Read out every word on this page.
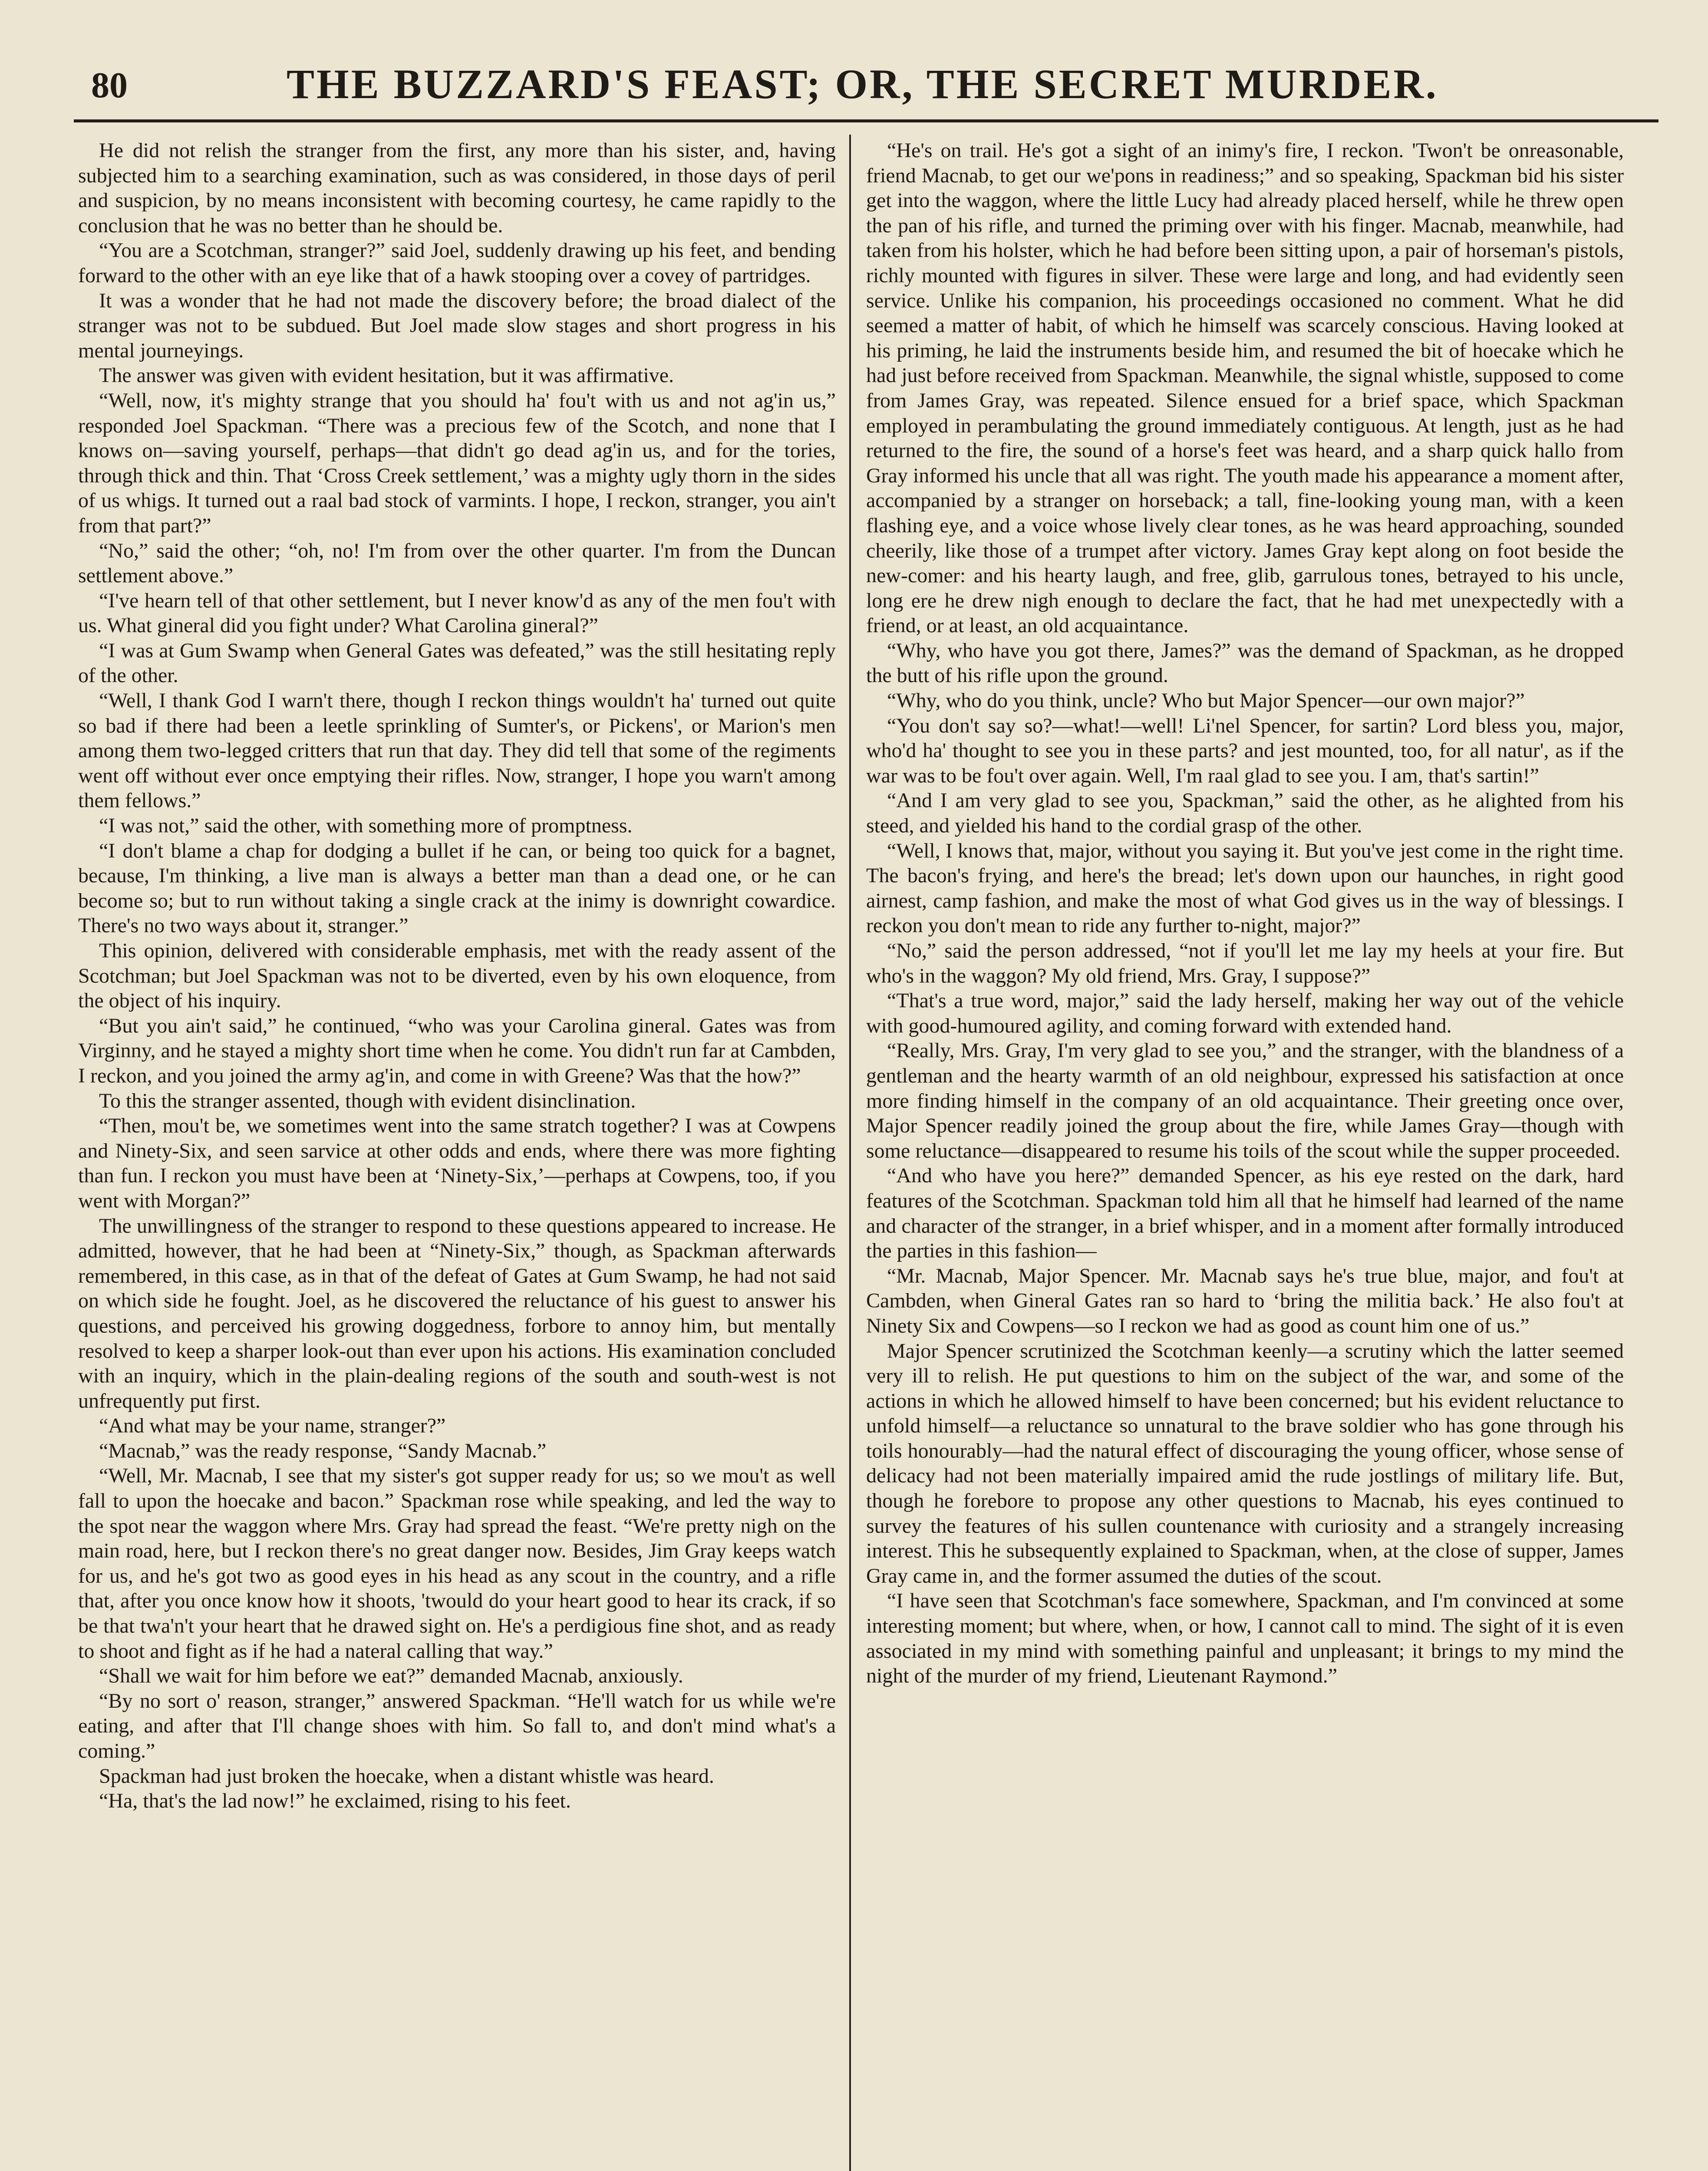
80	THE BUZZARD'S FEAST; OR, THE SECRET MURDER.

He did not relish the stranger from the first, any more than his sister, and, having subjected him to a searching examination, such as was considered, in those days of peril and suspicion, by no means inconsistent with becoming courtesy, he came rapidly to the conclusion that he was no better than he should be.

“You are a Scotchman, stranger?” said Joel, suddenly drawing up his feet, and bending forward to the other with an eye like that of a hawk stooping over a covey of partridges.

It was a wonder that he had not made the discovery before; the broad dialect of the stranger was not to be subdued. But Joel made slow stages and short progress in his mental journeyings.

The answer was given with evident hesitation, but it was affirmative.

“Well, now, it's mighty strange that you should ha' fou't with us and not ag'in us,” responded Joel Spackman. “There was a precious few of the Scotch, and none that I knows on—saving yourself, perhaps—that didn't go dead ag'in us, and for the tories, through thick and thin. That ‘Cross Creek settlement,’ was a mighty ugly thorn in the sides of us whigs. It turned out a raal bad stock of varmints. I hope, I reckon, stranger, you ain't from that part?”

“No,” said the other; “oh, no! I'm from over the other quarter. I'm from the Duncan settlement above.”

“I've hearn tell of that other settlement, but I never know'd as any of the men fou't with us. What gineral did you fight under? What Carolina gineral?”

“I was at Gum Swamp when General Gates was defeated,” was the still hesitating reply of the other.

“Well, I thank God I warn't there, though I reckon things wouldn't ha' turned out quite so bad if there had been a leetle sprinkling of Sumter's, or Pickens', or Marion's men among them two-legged critters that run that day. They did tell that some of the regiments went off without ever once emptying their rifles. Now, stranger, I hope you warn't among them fellows.”

“I was not,” said the other, with something more of promptness.

“I don't blame a chap for dodging a bullet if he can, or being too quick for a bagnet, because, I'm thinking, a live man is always a better man than a dead one, or he can become so; but to run without taking a single crack at the inimy is downright cowardice. There's no two ways about it, stranger.”

This opinion, delivered with considerable emphasis, met with the ready assent of the Scotchman; but Joel Spackman was not to be diverted, even by his own eloquence, from the object of his inquiry.

“But you ain't said,” he continued, “who was your Carolina gineral. Gates was from Virginny, and he stayed a mighty short time when he come. You didn't run far at Cambden, I reckon, and you joined the army ag'in, and come in with Greene? Was that the how?”

To this the stranger assented, though with evident disinclination.

“Then, mou't be, we sometimes went into the same stratch together? I was at Cowpens and Ninety-Six, and seen sarvice at other odds and ends, where there was more fighting than fun. I reckon you must have been at ‘Ninety-Six,’—perhaps at Cowpens, too, if you went with Morgan?”

The unwillingness of the stranger to respond to these questions appeared to increase. He admitted, however, that he had been at “Ninety-Six,” though, as Spackman afterwards remembered, in this case, as in that of the defeat of Gates at Gum Swamp, he had not said on which side he fought. Joel, as he discovered the reluctance of his guest to answer his questions, and perceived his growing doggedness, forbore to annoy him, but mentally resolved to keep a sharper look-out than ever upon his actions. His examination concluded with an inquiry, which in the plain-dealing regions of the south and south-west is not unfrequently put first.

“And what may be your name, stranger?”

“Macnab,” was the ready response, “Sandy Macnab.”

“Well, Mr. Macnab, I see that my sister's got supper ready for us; so we mou't as well fall to upon the hoecake and bacon.” Spackman rose while speaking, and led the way to the spot near the waggon where Mrs. Gray had spread the feast. “We're pretty nigh on the main road, here, but I reckon there's no great danger now. Besides, Jim Gray keeps watch for us, and he's got two as good eyes in his head as any scout in the country, and a rifle that, after you once know how it shoots, 'twould do your heart good to hear its crack, if so be that twa'n't your heart that he drawed sight on. He's a perdigious fine shot, and as ready to shoot and fight as if he had a nateral calling that way.”

“Shall we wait for him before we eat?” demanded Macnab, anxiously.

“By no sort o' reason, stranger,” answered Spackman. “He'll watch for us while we're eating, and after that I'll change shoes with him. So fall to, and don't mind what's a coming.”

Spackman had just broken the hoecake, when a distant whistle was heard.

“Ha, that's the lad now!” he exclaimed, rising to his feet.

“He's on trail. He's got a sight of an inimy's fire, I reckon. 'Twon't be onreasonable, friend Macnab, to get our we'pons in readiness;” and so speaking, Spackman bid his sister get into the waggon, where the little Lucy had already placed herself, while he threw open the pan of his rifle, and turned the priming over with his finger. Macnab, meanwhile, had taken from his holster, which he had before been sitting upon, a pair of horseman's pistols, richly mounted with figures in silver. These were large and long, and had evidently seen service. Unlike his companion, his proceedings occasioned no comment. What he did seemed a matter of habit, of which he himself was scarcely conscious. Having looked at his priming, he laid the instruments beside him, and resumed the bit of hoecake which he had just before received from Spackman. Meanwhile, the signal whistle, supposed to come from James Gray, was repeated. Silence ensued for a brief space, which Spackman employed in perambulating the ground immediately contiguous. At length, just as he had returned to the fire, the sound of a horse's feet was heard, and a sharp quick hallo from Gray informed his uncle that all was right. The youth made his appearance a moment after, accompanied by a stranger on horseback; a tall, fine-looking young man, with a keen flashing eye, and a voice whose lively clear tones, as he was heard approaching, sounded cheerily, like those of a trumpet after victory. James Gray kept along on foot beside the new-comer: and his hearty laugh, and free, glib, garrulous tones, betrayed to his uncle, long ere he drew nigh enough to declare the fact, that he had met unexpectedly with a friend, or at least, an old acquaintance.

“Why, who have you got there, James?” was the demand of Spackman, as he dropped the butt of his rifle upon the ground.

“Why, who do you think, uncle? Who but Major Spencer—our own major?”

“You don't say so?—what!—well! Li'nel Spencer, for sartin? Lord bless you, major, who'd ha' thought to see you in these parts? and jest mounted, too, for all natur', as if the war was to be fou't over again. Well, I'm raal glad to see you. I am, that's sartin!”

“And I am very glad to see you, Spackman,” said the other, as he alighted from his steed, and yielded his hand to the cordial grasp of the other.

“Well, I knows that, major, without you saying it. But you've jest come in the right time. The bacon's frying, and here's the bread; let's down upon our haunches, in right good airnest, camp fashion, and make the most of what God gives us in the way of blessings. I reckon you don't mean to ride any further to-night, major?”

“No,” said the person addressed, “not if you'll let me lay my heels at your fire. But who's in the waggon? My old friend, Mrs. Gray, I suppose?”

“That's a true word, major,” said the lady herself, making her way out of the vehicle with good-humoured agility, and coming forward with extended hand.

“Really, Mrs. Gray, I'm very glad to see you,” and the stranger, with the blandness of a gentleman and the hearty warmth of an old neighbour, expressed his satisfaction at once more finding himself in the company of an old acquaintance. Their greeting once over, Major Spencer readily joined the group about the fire, while James Gray—though with some reluctance—disappeared to resume his toils of the scout while the supper proceeded.

“And who have you here?” demanded Spencer, as his eye rested on the dark, hard features of the Scotchman. Spackman told him all that he himself had learned of the name and character of the stranger, in a brief whisper, and in a moment after formally introduced the parties in this fashion—

“Mr. Macnab, Major Spencer. Mr. Macnab says he's true blue, major, and fou't at Cambden, when Gineral Gates ran so hard to ‘bring the militia back.’ He also fou't at Ninety Six and Cowpens—so I reckon we had as good as count him one of us.”

Major Spencer scrutinized the Scotchman keenly—a scrutiny which the latter seemed very ill to relish. He put questions to him on the subject of the war, and some of the actions in which he allowed himself to have been concerned; but his evident reluctance to unfold himself—a reluctance so unnatural to the brave soldier who has gone through his toils honourably—had the natural effect of discouraging the young officer, whose sense of delicacy had not been materially impaired amid the rude jostlings of military life. But, though he forebore to propose any other questions to Macnab, his eyes continued to survey the features of his sullen countenance with curiosity and a strangely increasing interest. This he subsequently explained to Spackman, when, at the close of supper, James Gray came in, and the former assumed the duties of the scout.

“I have seen that Scotchman's face somewhere, Spackman, and I'm convinced at some interesting moment; but where, when, or how, I cannot call to mind. The sight of it is even associated in my mind with something painful and unpleasant; it brings to my mind the night of the murder of my friend, Lieutenant Raymond.”
